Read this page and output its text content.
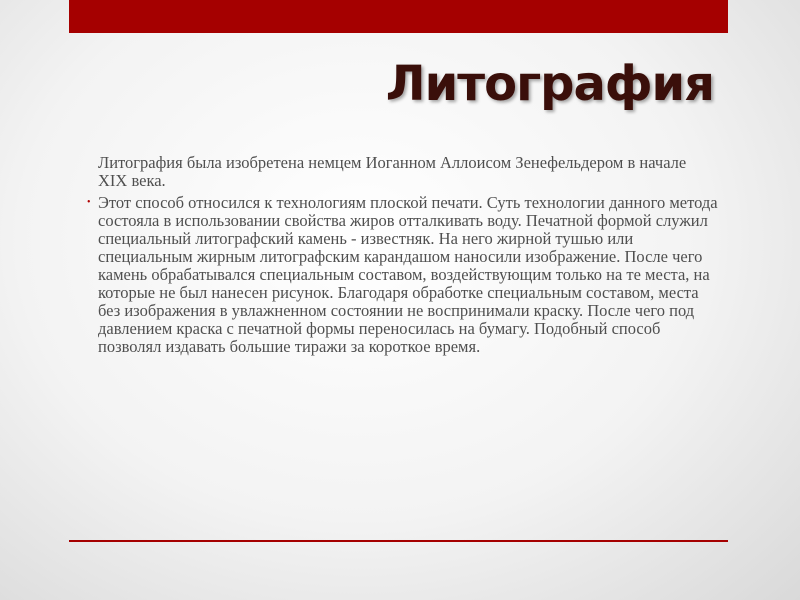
Литография

Литография была изобретена немцем Иоганном Аллоисом Зенефельдером в начале XIX века.

• Этот способ относился к технологиям плоской печати. Суть технологии данного метода состояла в использовании свойства жиров отталкивать воду. Печатной формой служил специальный литографский камень - известняк. На него жирной тушью или специальным жирным литографским карандашом наносили изображение. После чего камень обрабатывался специальным составом, воздействующим только на те места, на которые не был нанесен рисунок. Благодаря обработке специальным составом, места без изображения в увлажненном состоянии не воспринимали краску. После чего под давлением краска с печатной формы переносилась на бумагу. Подобный способ позволял издавать большие тиражи за короткое время.
